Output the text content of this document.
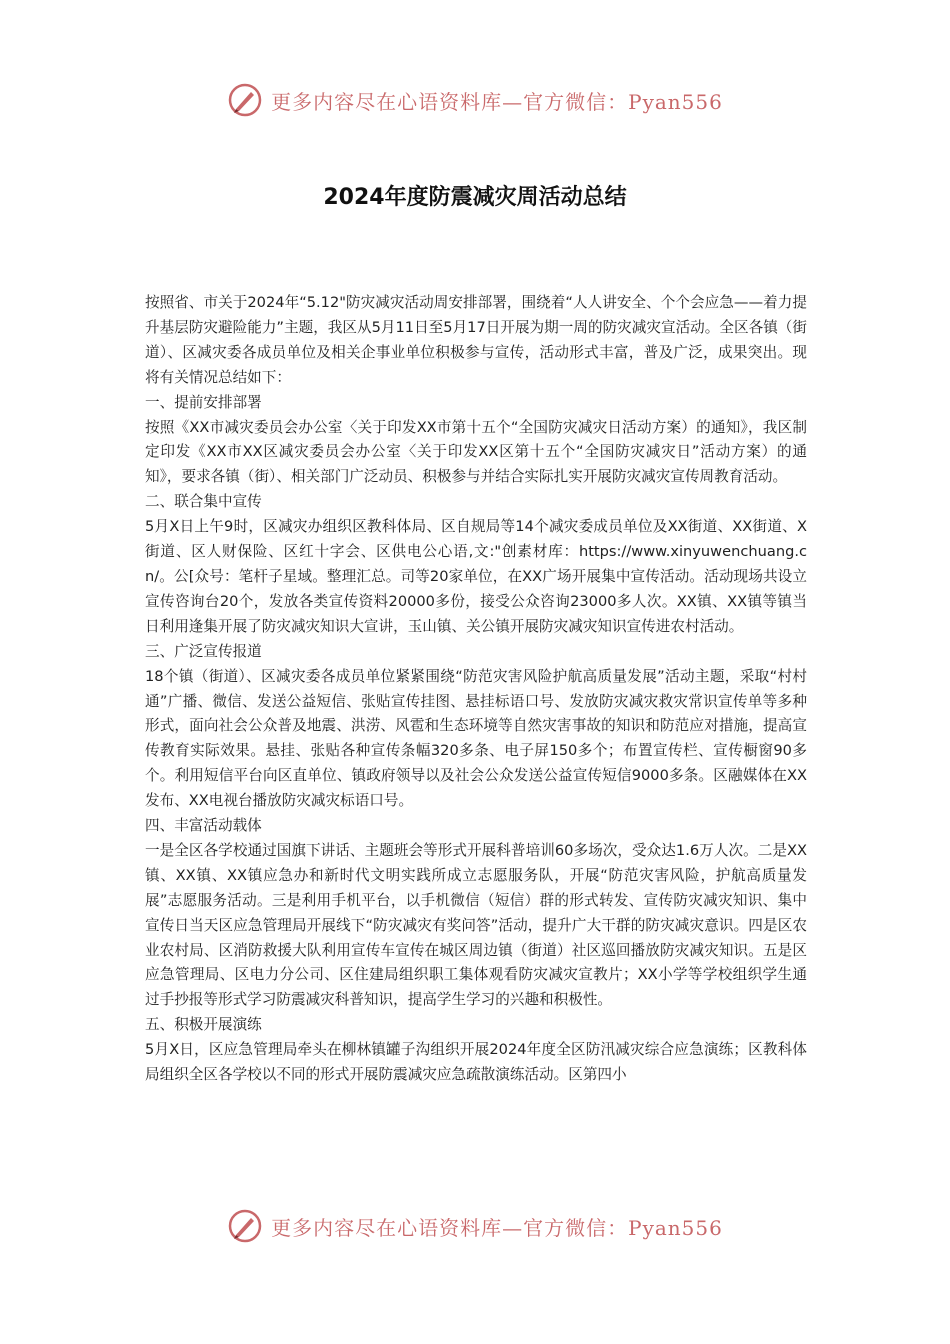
更多内容尽在心语资料库—官方微信：Pyan556
2024年度防震减灾周活动总结

按照省、市关于2024年“5.12"防灾减灾活动周安排部署，围绕着“人人讲安全、个个会应急——着力提升基层防灾避险能力”主题，我区从5月11日至5月17日开展为期一周的防灾减灾宣活动。全区各镇（街道）、区减灾委各成员单位及相关企事业单位积极参与宣传，活动形式丰富，普及广泛，成果突出。现将有关情况总结如下：

一、提前安排部署

按照《XX市减灾委员会办公室〈关于印发XX市第十五个“全国防灾减灾日活动方案）的通知》，我区制定印发《XX市XX区减灾委员会办公室〈关于印发XX区第十五个“全国防灾减灾日”活动方案）的通知》，要求各镇（街）、相关部门广泛动员、积极参与并结合实际扎实开展防灾减灾宣传周教育活动。

二、联合集中宣传

5月X日上午9时，区减灾办组织区教科体局、区自规局等14个减灾委成员单位及XX街道、XX街道、X街道、区人财保险、区红十字会、区供电公心语,文:"创素材库：https://www.xinyuwenchuang.cn/。公[众号：笔杆子星域。整理汇总。司等20家单位，在XX广场开展集中宣传活动。活动现场共设立宣传咨询台20个，发放各类宣传资料20000多份，接受公众咨询23000多人次。XX镇、XX镇等镇当日利用逢集开展了防灾减灾知识大宣讲，玉山镇、关公镇开展防灾减灾知识宣传进农村活动。

三、广泛宣传报道

18个镇（街道）、区减灾委各成员单位紧紧围绕“防范灾害风险护航高质量发展”活动主题，采取“村村通”广播、微信、发送公益短信、张贴宣传挂图、悬挂标语口号、发放防灾减灾救灾常识宣传单等多种形式，面向社会公众普及地震、洪涝、风雹和生态环境等自然灾害事故的知识和防范应对措施，提高宣传教育实际效果。悬挂、张贴各种宣传条幅320多条、电子屏150多个；布置宣传栏、宣传橱窗90多个。利用短信平台向区直单位、镇政府领导以及社会公众发送公益宣传短信9000多条。区融媒体在XX发布、XX电视台播放防灾减灾标语口号。

四、丰富活动载体

一是全区各学校通过国旗下讲话、主题班会等形式开展科普培训60多场次，受众达1.6万人次。二是XX镇、XX镇、XX镇应急办和新时代文明实践所成立志愿服务队，开展“防范灾害风险，护航高质量发展”志愿服务活动。三是利用手机平台，以手机微信（短信）群的形式转发、宣传防灾减灾知识、集中宣传日当天区应急管理局开展线下“防灾减灾有奖问答”活动，提升广大干群的防灾减灾意识。四是区农业农村局、区消防救援大队利用宣传车宣传在城区周边镇（街道）社区巡回播放防灾减灾知识。五是区应急管理局、区电力分公司、区住建局组织职工集体观看防灾减灾宣教片；XX小学等学校组织学生通过手抄报等形式学习防震减灾科普知识，提高学生学习的兴趣和积极性。

五、积极开展演练

5月X日，区应急管理局牵头在柳林镇罐子沟组织开展2024年度全区防汛减灾综合应急演练；区教科体局组织全区各学校以不同的形式开展防震减灾应急疏散演练活动。区第四小

更多内容尽在心语资料库—官方微信：Pyan556
